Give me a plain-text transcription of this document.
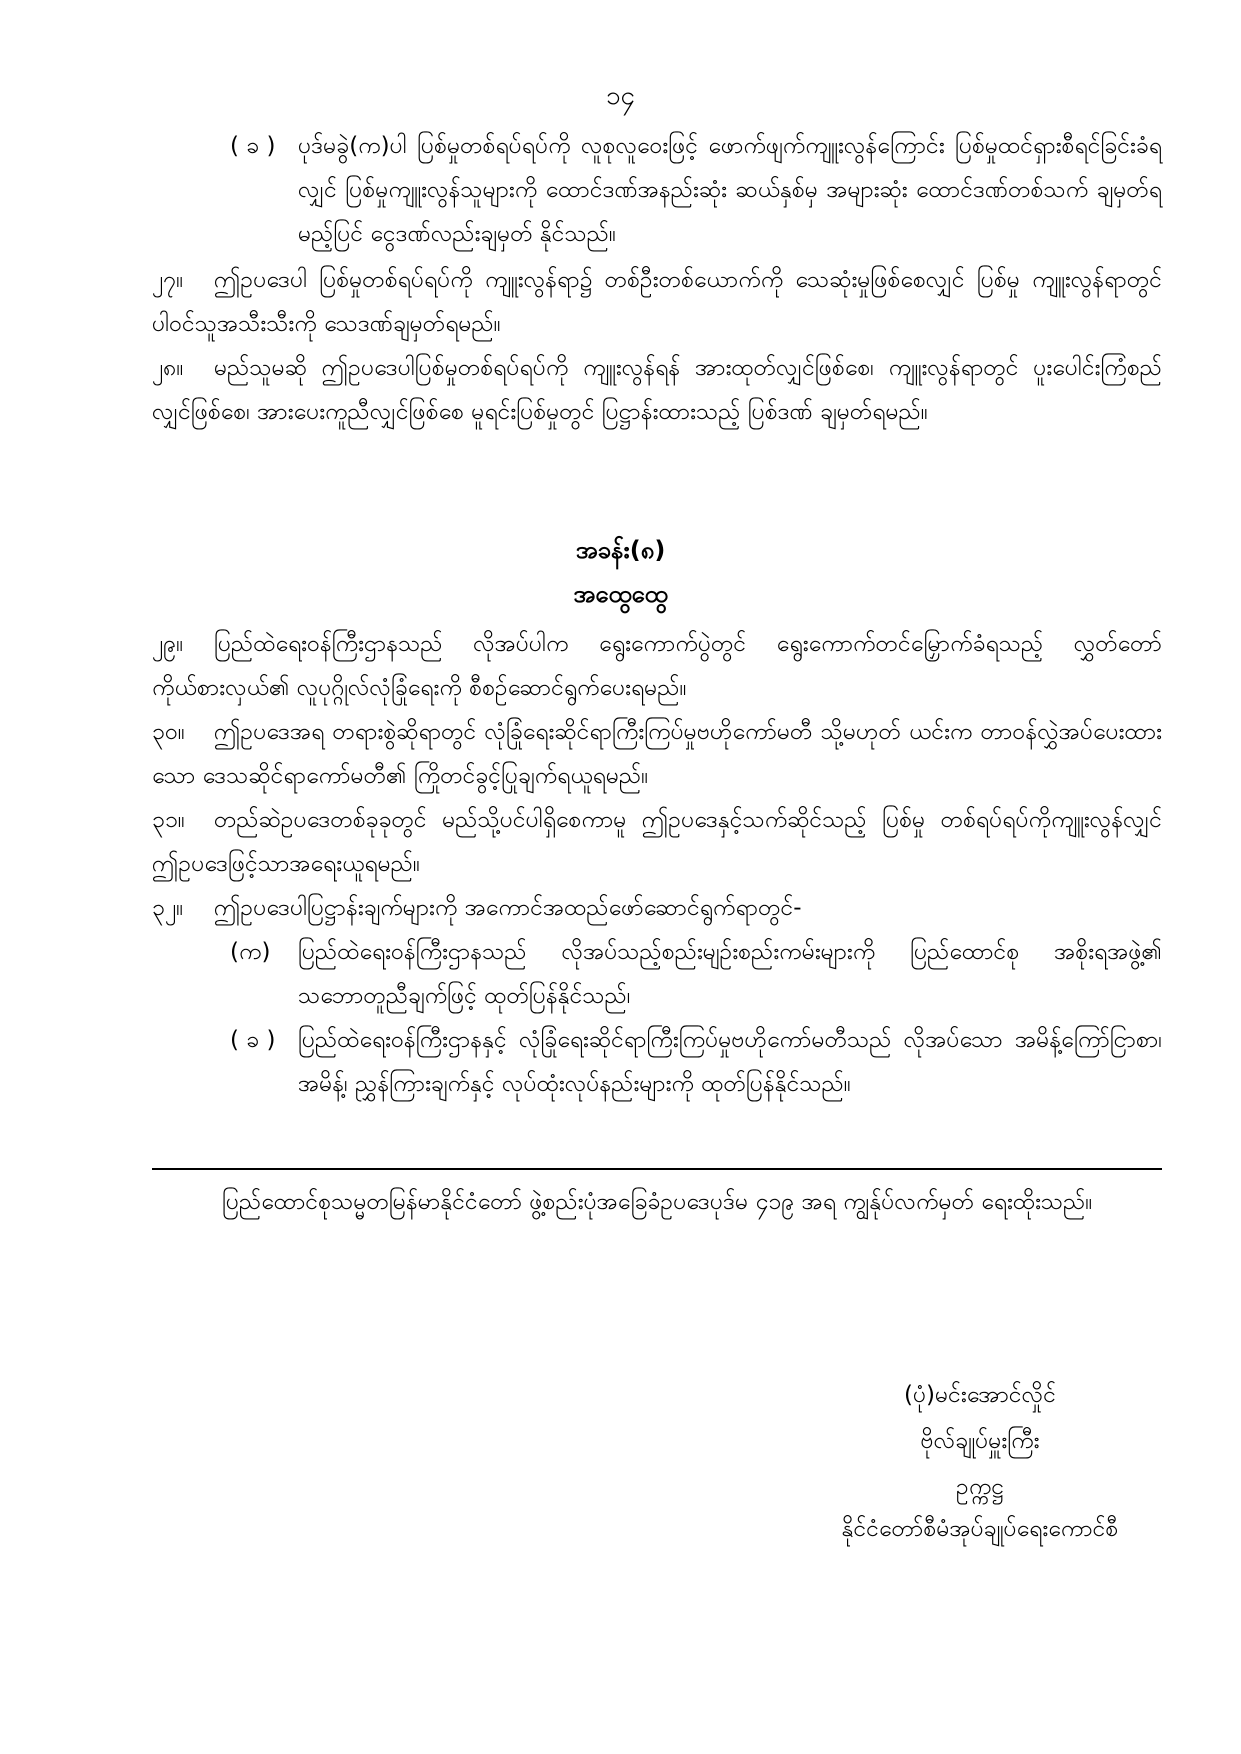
၁၄
( ခ ) ပုဒ်မခွဲ(က)ပါ ပြစ်မှုတစ်ရပ်ရပ်ကို လူစုလူဝေးဖြင့် ဖောက်ဖျက်ကျူးလွန်ကြောင်း ပြစ်မှုထင်ရှားစီရင်ခြင်းခံရလျှင် ပြစ်မှုကျူးလွန်သူများကို ထောင်ဒဏ်အနည်းဆုံး ဆယ်နှစ်မှ အများဆုံး ထောင်ဒဏ်တစ်သက် ချမှတ်ရမည့်ပြင် ငွေဒဏ်လည်းချမှတ် နိုင်သည်။
၂၇။ ဤဥပဒေပါ ပြစ်မှုတစ်ရပ်ရပ်ကို ကျူးလွန်ရာ၌ တစ်ဦးတစ်ယောက်ကို သေဆုံးမှုဖြစ်စေလျှင် ပြစ်မှု ကျူးလွန်ရာတွင်ပါဝင်သူအသီးသီးကို သေဒဏ်ချမှတ်ရမည်။
၂၈။ မည်သူမဆို ဤဥပဒေပါပြစ်မှုတစ်ရပ်ရပ်ကို ကျူးလွန်ရန် အားထုတ်လျှင်ဖြစ်စေ၊ ကျူးလွန်ရာတွင် ပူးပေါင်းကြံစည်လျှင်ဖြစ်စေ၊ အားပေးကူညီလျှင်ဖြစ်စေ မူရင်းပြစ်မှုတွင် ပြဋ္ဌာန်းထားသည့် ပြစ်ဒဏ် ချမှတ်ရမည်။
အခန်း(၈)
အထွေထွေ
၂၉။ ပြည်ထဲရေးဝန်ကြီးဌာနသည် လိုအပ်ပါက ရွေးကောက်ပွဲတွင် ရွေးကောက်တင်မြှောက်ခံရသည့် လွှတ်တော်ကိုယ်စားလှယ်၏ လူပုဂ္ဂိုလ်လုံခြုံရေးကို စီစဉ်ဆောင်ရွက်ပေးရမည်။
၃၀။ ဤဥပဒေအရ တရားစွဲဆိုရာတွင် လုံခြုံရေးဆိုင်ရာကြီးကြပ်မှုဗဟိုကော်မတီ သို့မဟုတ် ယင်းက တာဝန်လွှဲအပ်ပေးထားသော ဒေသဆိုင်ရာကော်မတီ၏ ကြိုတင်ခွင့်ပြုချက်ရယူရမည်။
၃၁။ တည်ဆဲဥပဒေတစ်ခုခုတွင် မည်သို့ပင်ပါရှိစေကာမူ ဤဥပဒေနှင့်သက်ဆိုင်သည့် ပြစ်မှု တစ်ရပ်ရပ်ကိုကျူးလွန်လျှင် ဤဥပဒေဖြင့်သာအရေးယူရမည်။
၃၂။ ဤဥပဒေပါပြဋ္ဌာန်းချက်များကို အကောင်အထည်ဖော်ဆောင်ရွက်ရာတွင်-
(က)	ပြည်ထဲရေးဝန်ကြီးဌာနသည် လိုအပ်သည့်စည်းမျဉ်းစည်းကမ်းများကို ပြည်ထောင်စု အစိုးရအဖွဲ့၏ သဘောတူညီချက်ဖြင့် ထုတ်ပြန်နိုင်သည်၊
( ခ ) ပြည်ထဲရေးဝန်ကြီးဌာနနှင့် လုံခြုံရေးဆိုင်ရာကြီးကြပ်မှုဗဟိုကော်မတီသည် လိုအပ်သော အမိန့်ကြော်ငြာစာ၊ အမိန့်၊ ညွှန်ကြားချက်နှင့် လုပ်ထုံးလုပ်နည်းများကို ထုတ်ပြန်နိုင်သည်။
ပြည်ထောင်စုသမ္မတမြန်မာနိုင်ငံတော် ဖွဲ့စည်းပုံအခြေခံဥပဒေပုဒ်မ ၄၁၉ အရ ကျွန်ုပ်လက်မှတ် ရေးထိုးသည်။
(ပုံ)မင်းအောင်လှိုင်
ဗိုလ်ချုပ်မှူးကြီး
ဥက္ကဋ္ဌ
နိုင်ငံတော်စီမံအုပ်ချုပ်ရေးကောင်စီ
